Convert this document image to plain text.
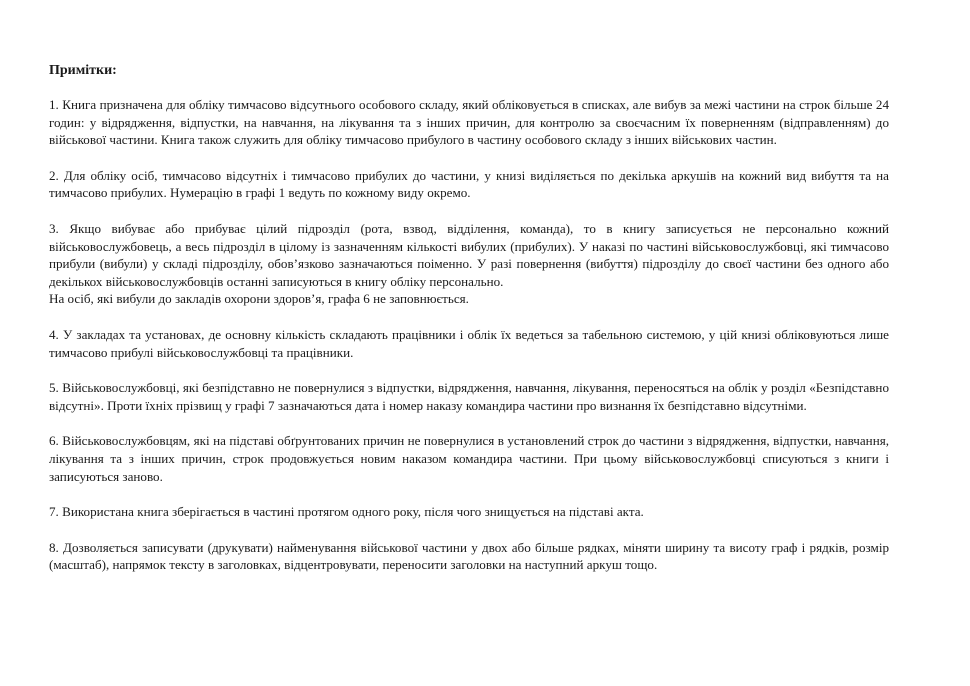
Примітки:
1. Книга призначена для обліку тимчасово відсутнього особового складу, який обліковується в списках, але вибув за межі частини на строк більше 24 годин: у відрядження, відпустки, на навчання, на лікування та з інших причин, для контролю за своєчасним їх поверненням (відправленням) до військової частини. Книга також служить для обліку тимчасово прибулого в частину особового складу з інших військових частин.
2. Для обліку осіб, тимчасово відсутніх і тимчасово прибулих до частини, у книзі виділяється по декілька аркушів на кожний вид вибуття та на тимчасово прибулих. Нумерацію в графі 1 ведуть по кожному виду окремо.
3. Якщо вибуває або прибуває цілий підрозділ (рота, взвод, відділення, команда), то в книгу записується не персонально кожний військовослужбовець, а весь підрозділ в цілому із зазначенням кількості вибулих (прибулих). У наказі по частині військовослужбовці, які тимчасово прибули (вибули) у складі підрозділу, обов’язково зазначаються поіменно. У разі повернення (вибуття) підрозділу до своєї частини без одного або декількох військовослужбовців останні записуються в книгу обліку персонально.
На осіб, які вибули до закладів охорони здоров’я, графа 6 не заповнюється.
4. У закладах та установах, де основну кількість складають працівники і облік їх ведеться за табельною системою, у цій книзі обліковуються лише тимчасово прибулі військовослужбовці та працівники.
5. Військовослужбовці, які безпідставно не повернулися з відпустки, відрядження, навчання, лікування, переносяться на облік у розділ «Безпідставно відсутні». Проти їхніх прізвищ у графі 7 зазначаються дата і номер наказу командира частини про визнання їх безпідставно відсутніми.
6. Військовослужбовцям, які на підставі обґрунтованих причин не повернулися в установлений строк до частини з відрядження, відпустки, навчання, лікування та з інших причин, строк продовжується новим наказом командира частини. При цьому військовослужбовці списуються з книги і записуються заново.
7. Використана книга зберігається в частині протягом одного року, після чого знищується на підставі акта.
8. Дозволяється записувати (друкувати) найменування військової частини у двох або більше рядках, міняти ширину та висоту граф і рядків, розмір (масштаб), напрямок тексту в заголовках, відцентровувати, переносити заголовки на наступний аркуш тощо.
